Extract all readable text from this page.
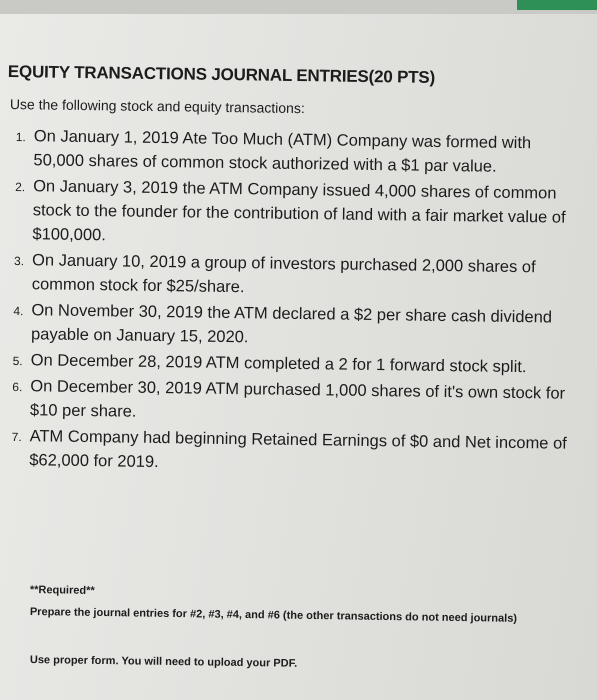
EQUITY TRANSACTIONS JOURNAL ENTRIES(20 PTS)

Use the following stock and equity transactions:

1. On January 1, 2019 Ate Too Much (ATM) Company was formed with 50,000 shares of common stock authorized with a $1 par value.
2. On January 3, 2019 the ATM Company issued 4,000 shares of common stock to the founder for the contribution of land with a fair market value of $100,000.
3. On January 10, 2019 a group of investors purchased 2,000 shares of common stock for $25/share.
4. On November 30, 2019 the ATM declared a $2 per share cash dividend payable on January 15, 2020.
5. On December 28, 2019 ATM completed a 2 for 1 forward stock split.
6. On December 30, 2019 ATM purchased 1,000 shares of it's own stock for $10 per share.
7. ATM Company had beginning Retained Earnings of $0 and Net income of $62,000 for 2019.

**Required**

Prepare the journal entries for #2, #3, #4, and #6 (the other transactions do not need journals)

Use proper form. You will need to upload your PDF.
